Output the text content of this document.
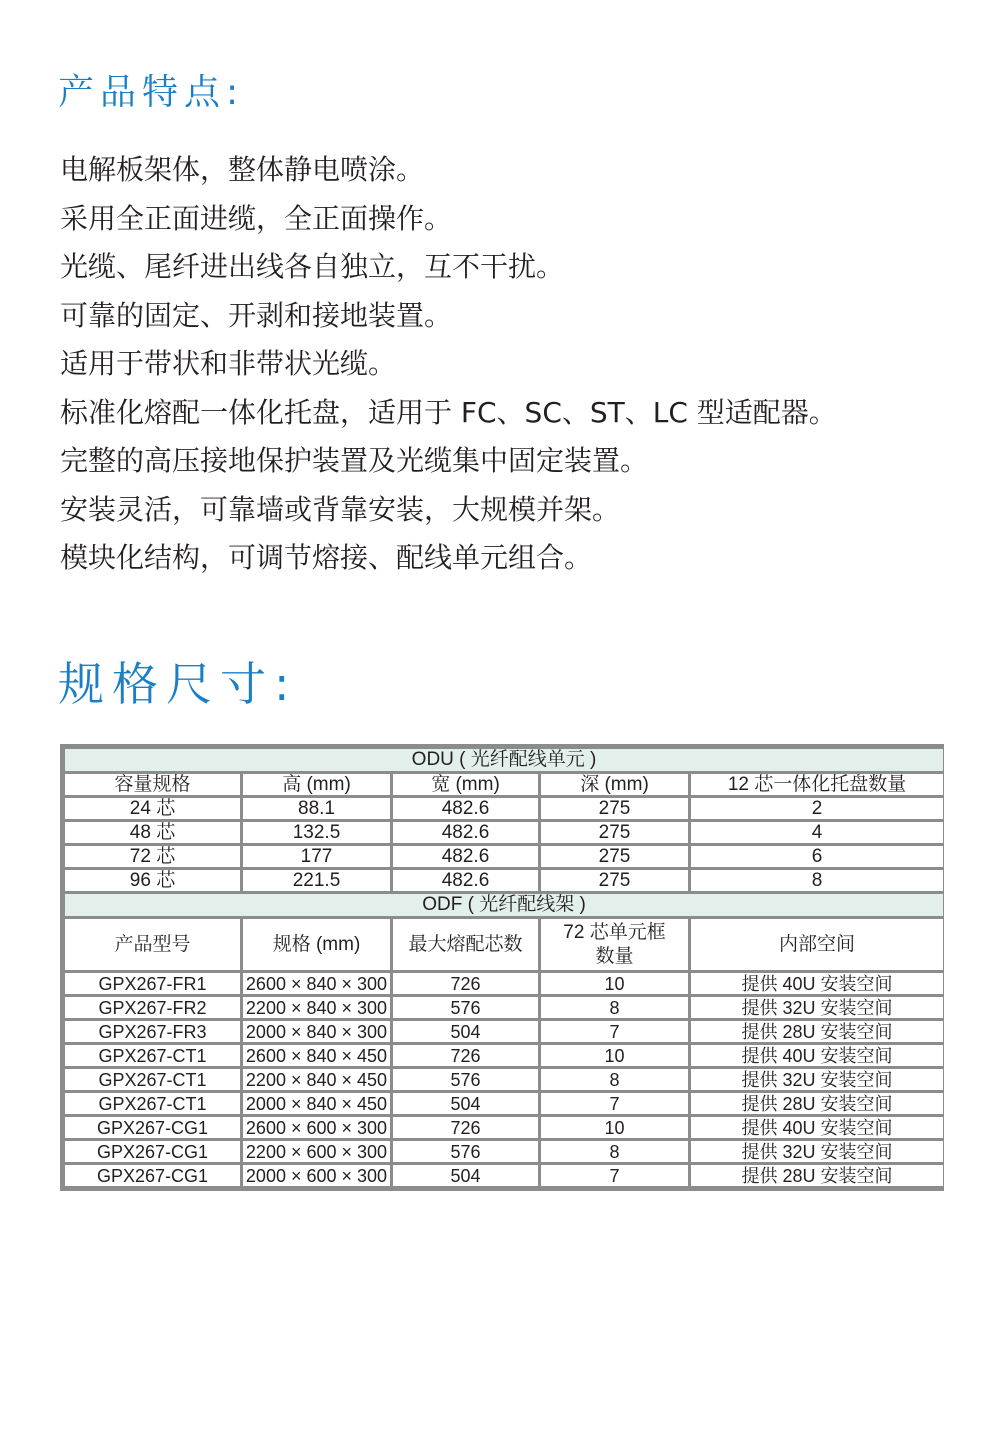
产品特点:
电解板架体，整体静电喷涂。
采用全正面进缆，全正面操作。
光缆、尾纤进出线各自独立，互不干扰。
可靠的固定、开剥和接地装置。
适用于带状和非带状光缆。
标准化熔配一体化托盘，适用于 FC、SC、ST、LC 型适配器。
完整的高压接地保护装置及光缆集中固定装置。
安装灵活，可靠墙或背靠安装，大规模并架。
模块化结构，可调节熔接、配线单元组合。
规格尺寸:
ODU ( 光纤配线单元 )				
容量规格	高 (mm)	宽 (mm)	深 (mm)	12 芯一体化托盘数量
24 芯	88.1	482.6	275	2
48 芯	132.5	482.6	275	4
72 芯	177	482.6	275	6
96 芯	221.5	482.6	275	8
ODF ( 光纤配线架 )				
产品型号	规格 (mm)	最大熔配芯数	72 芯单元框数量	内部空间
GPX267-FR1	2600 × 840 × 300	726	10	提供 40U 安装空间
GPX267-FR2	2200 × 840 × 300	576	8	提供 32U 安装空间
GPX267-FR3	2000 × 840 × 300	504	7	提供 28U 安装空间
GPX267-CT1	2600 × 840 × 450	726	10	提供 40U 安装空间
GPX267-CT1	2200 × 840 × 450	576	8	提供 32U 安装空间
GPX267-CT1	2000 × 840 × 450	504	7	提供 28U 安装空间
GPX267-CG1	2600 × 600 × 300	726	10	提供 40U 安装空间
GPX267-CG1	2200 × 600 × 300	576	8	提供 32U 安装空间
GPX267-CG1	2000 × 600 × 300	504	7	提供 28U 安装空间
